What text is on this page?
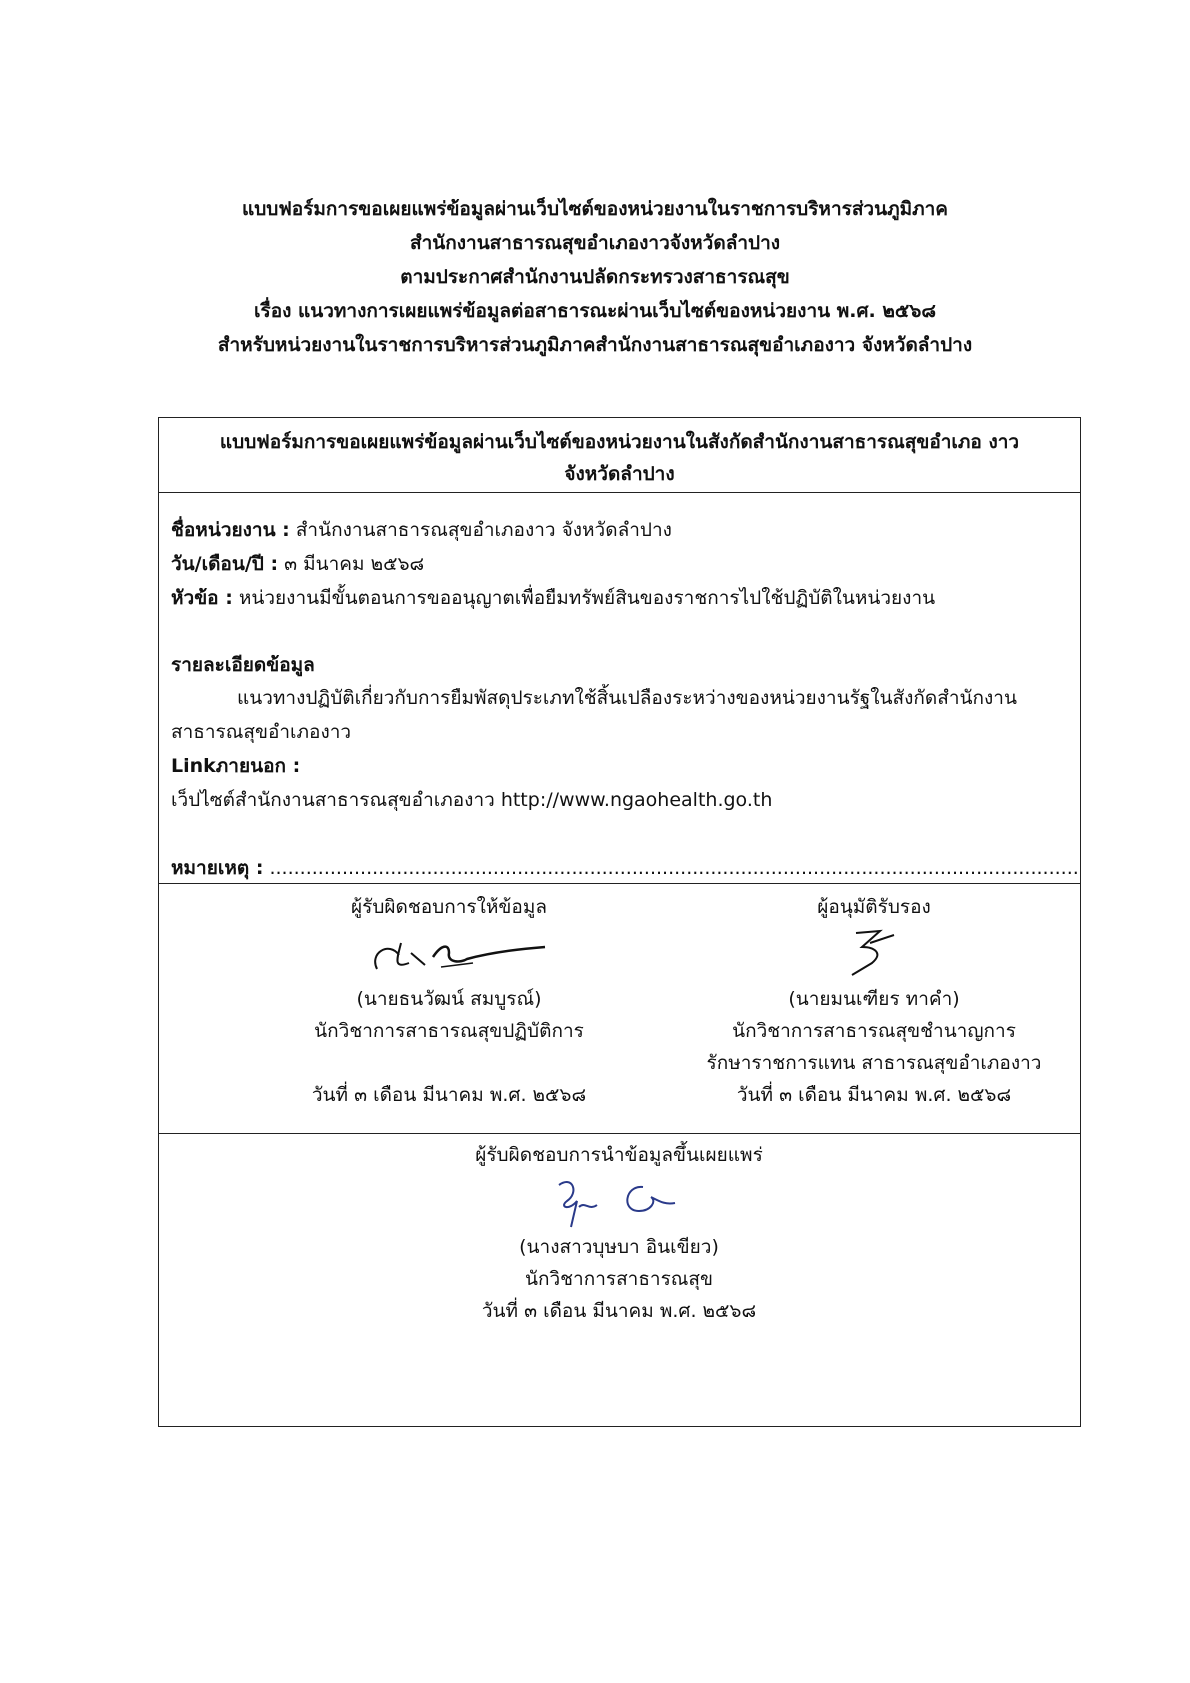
แบบฟอร์มการขอเผยแพร่ข้อมูลผ่านเว็บไซต์ของหน่วยงานในราชการบริหารส่วนภูมิภาค
สำนักงานสาธารณสุขอำเภองาวจังหวัดลำปาง
ตามประกาศสำนักงานปลัดกระทรวงสาธารณสุข
เรื่อง แนวทางการเผยแพร่ข้อมูลต่อสาธารณะผ่านเว็บไซต์ของหน่วยงาน พ.ศ. ๒๕๖๘
สำหรับหน่วยงานในราชการบริหารส่วนภูมิภาคสำนักงานสาธารณสุขอำเภองาว จังหวัดลำปาง
แบบฟอร์มการขอเผยแพร่ข้อมูลผ่านเว็บไซต์ของหน่วยงานในสังกัดสำนักงานสาธารณสุขอำเภอ งาว
จังหวัดลำปาง
ชื่อหน่วยงาน : สำนักงานสาธารณสุขอำเภองาว จังหวัดลำปาง
วัน/เดือน/ปี : ๓ มีนาคม ๒๕๖๘
หัวข้อ : หน่วยงานมีขั้นตอนการขออนุญาตเพื่อยืมทรัพย์สินของราชการไปใช้ปฏิบัติในหน่วยงาน
รายละเอียดข้อมูล
แนวทางปฏิบัติเกี่ยวกับการยืมพัสดุประเภทใช้สิ้นเปลืองระหว่างของหน่วยงานรัฐในสังกัดสำนักงาน
สาธารณสุขอำเภองาว
Linkภายนอก :
เว็ปไซต์สำนักงานสาธารณสุขอำเภองาว http://www.ngaohealth.go.th
หมายเหตุ : ......................................................................................................................................
ผู้รับผิดชอบการให้ข้อมูล
(นายธนวัฒน์ สมบูรณ์)
นักวิชาการสาธารณสุขปฏิบัติการ
วันที่ ๓ เดือน มีนาคม พ.ศ. ๒๕๖๘
ผู้อนุมัติรับรอง
(นายมนเฑียร ทาคำ)
นักวิชาการสาธารณสุขชำนาญการ
รักษาราชการแทน สาธารณสุขอำเภองาว
วันที่ ๓ เดือน มีนาคม พ.ศ. ๒๕๖๘
ผู้รับผิดชอบการนำข้อมูลขึ้นเผยแพร่
(นางสาวบุษบา อินเขียว)
นักวิชาการสาธารณสุข
วันที่ ๓ เดือน มีนาคม พ.ศ. ๒๕๖๘
